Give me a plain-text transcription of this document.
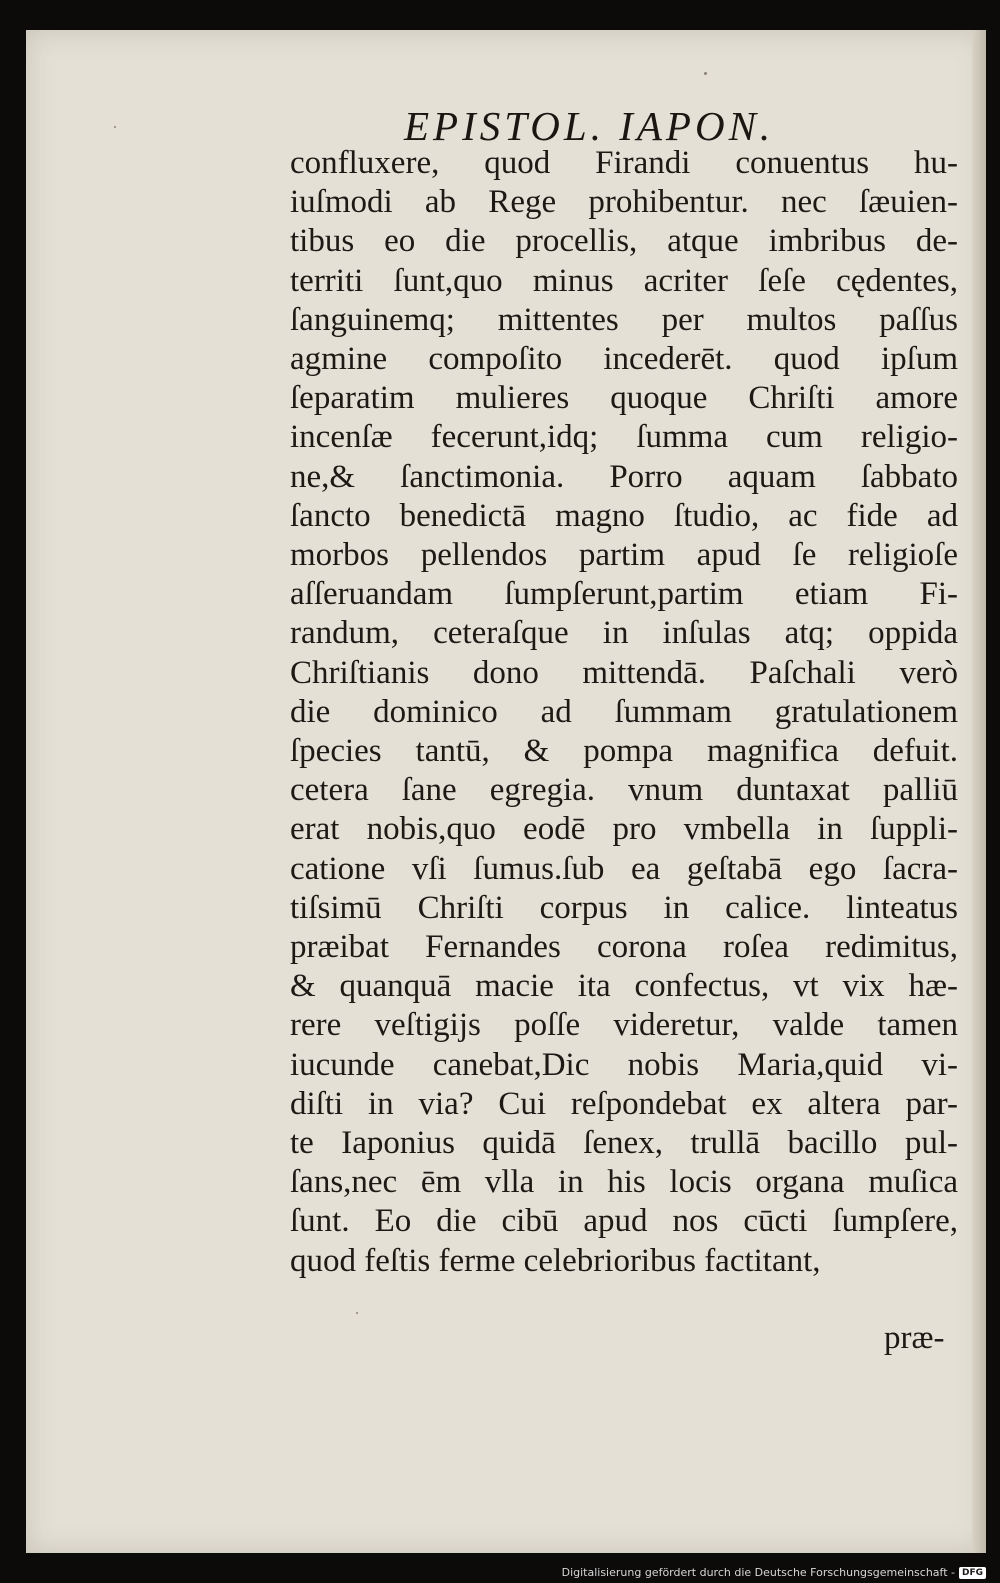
EPISTOL. IAPON.
confluxere, quod Firandi conuentus hu-
iuſmodi ab Rege prohibentur. nec ſæuien-
tibus eo die procellis, atque imbribus de-
territi ſunt,quo minus acriter ſeſe cędentes,
ſanguinemq; mittentes per multos paſſus
agmine compoſito incederēt. quod ipſum
ſeparatim mulieres quoque Chriſti amore
incenſæ fecerunt,idq; ſumma cum religio-
ne,& ſanctimonia. Porro aquam ſabbato
ſancto benedictā magno ſtudio, ac fide ad
morbos pellendos partim apud ſe religioſe
aſſeruandam ſumpſerunt,partim etiam Fi-
randum, ceteraſque in inſulas atq; oppida
Chriſtianis dono mittendā. Paſchali verò
die dominico ad ſummam gratulationem
ſpecies tantū, & pompa magnifica defuit.
cetera ſane egregia. vnum duntaxat palliū
erat nobis,quo eodē pro vmbella in ſuppli-
catione vſi ſumus.ſub ea geſtabā ego ſacra-
tiſsimū Chriſti corpus in calice. linteatus
præibat Fernandes corona roſea redimitus,
& quanquā macie ita confectus, vt vix hæ-
rere veſtigijs poſſe videretur, valde tamen
iucunde canebat,Dic nobis Maria,quid vi-
diſti in via? Cui reſpondebat ex altera par-
te Iaponius quidā ſenex, trullā bacillo pul-
ſans,nec ēm vlla in his locis organa muſica
ſunt. Eo die cibū apud nos cūcti ſumpſere,
quod feſtis ferme celebrioribus factitant,
præ-
Digitalisierung gefördert durch die Deutsche Forschungsgemeinschaft - DFG
